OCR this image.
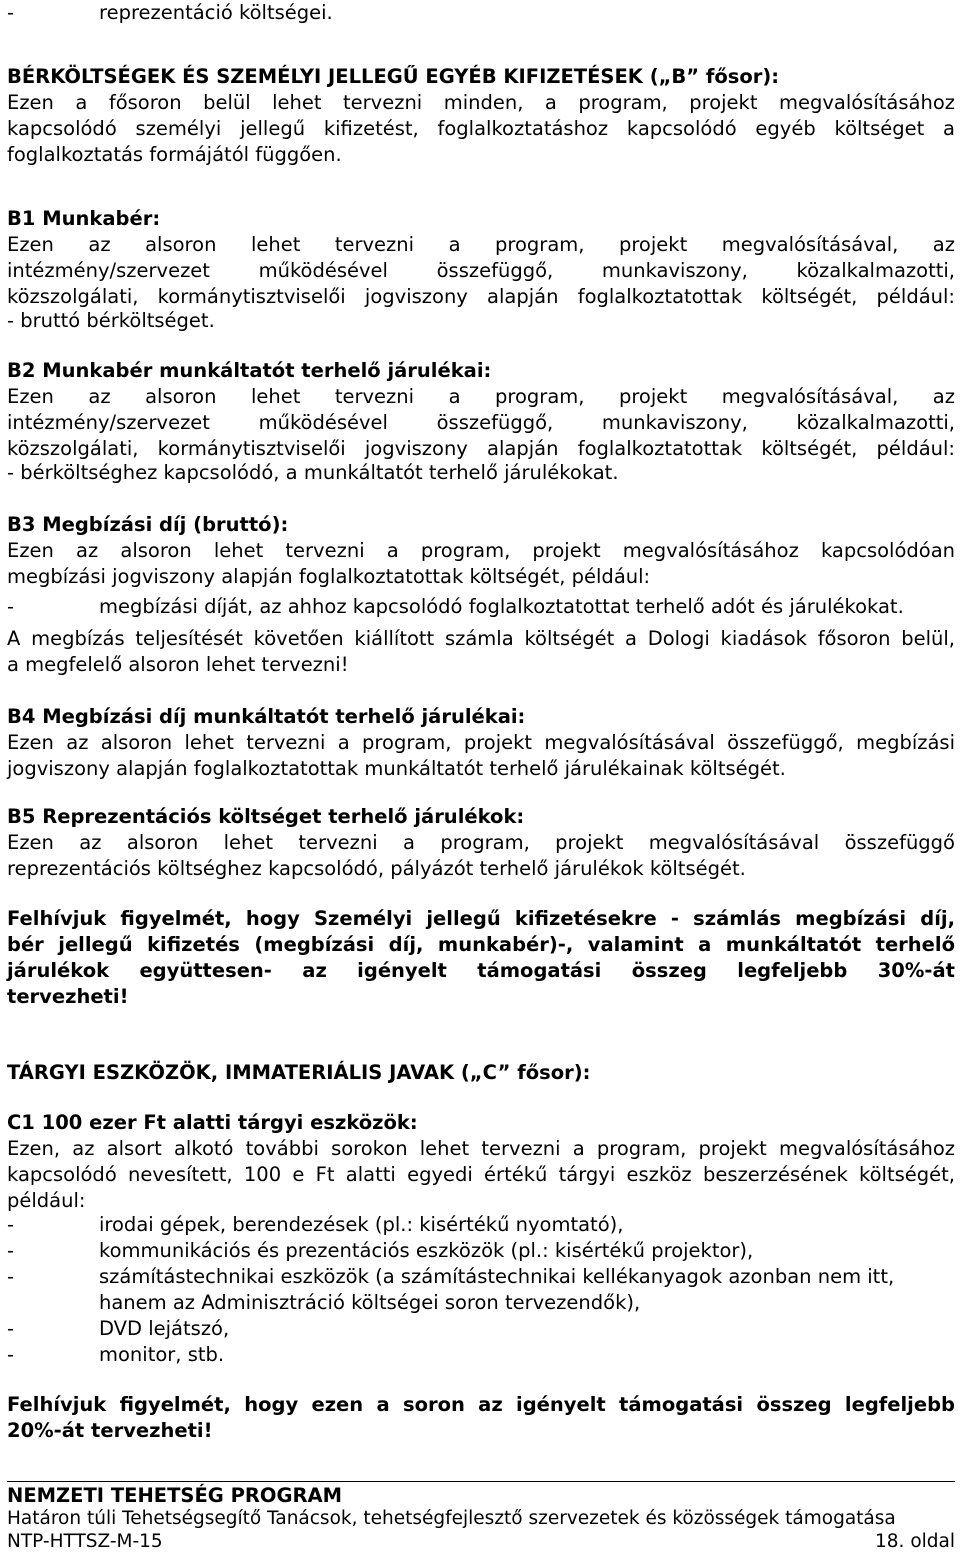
-	reprezentáció költségei.
BÉRKÖLTSÉGEK ÉS SZEMÉLYI JELLEGŰ EGYÉB KIFIZETÉSEK („B” fősor):
Ezen a fősoron belül lehet tervezni minden, a program, projekt megvalósításához
kapcsolódó személyi jellegű kifizetést, foglalkoztatáshoz kapcsolódó egyéb költséget a
foglalkoztatás formájától függően.
B1 Munkabér:
Ezen az alsoron lehet tervezni a program, projekt megvalósításával, az
intézmény/szervezet működésével összefüggő, munkaviszony, közalkalmazotti,
közszolgálati, kormánytisztviselői jogviszony alapján foglalkoztatottak költségét, például:
- bruttó bérköltséget.
B2 Munkabér munkáltatót terhelő járulékai:
Ezen az alsoron lehet tervezni a program, projekt megvalósításával, az
intézmény/szervezet működésével összefüggő, munkaviszony, közalkalmazotti,
közszolgálati, kormánytisztviselői jogviszony alapján foglalkoztatottak költségét, például:
- bérköltséghez kapcsolódó, a munkáltatót terhelő járulékokat.
B3 Megbízási díj (bruttó):
Ezen az alsoron lehet tervezni a program, projekt megvalósításához kapcsolódóan
megbízási jogviszony alapján foglalkoztatottak költségét, például:
-	megbízási díját, az ahhoz kapcsolódó foglalkoztatottat terhelő adót és járulékokat.
A megbízás teljesítését követően kiállított számla költségét a Dologi kiadások fősoron belül,
a megfelelő alsoron lehet tervezni!
B4 Megbízási díj munkáltatót terhelő járulékai:
Ezen az alsoron lehet tervezni a program, projekt megvalósításával összefüggő, megbízási
jogviszony alapján foglalkoztatottak munkáltatót terhelő járulékainak költségét.
B5 Reprezentációs költséget terhelő járulékok:
Ezen az alsoron lehet tervezni a program, projekt megvalósításával összefüggő
reprezentációs költséghez kapcsolódó, pályázót terhelő járulékok költségét.
Felhívjuk figyelmét, hogy Személyi jellegű kifizetésekre - számlás megbízási díj,
bér jellegű kifizetés (megbízási díj, munkabér)-, valamint a munkáltatót terhelő
járulékok együttesen- az igényelt támogatási összeg legfeljebb 30%-át
tervezheti!
TÁRGYI ESZKÖZÖK, IMMATERIÁLIS JAVAK („C” fősor):
C1 100 ezer Ft alatti tárgyi eszközök:
Ezen, az alsort alkotó további sorokon lehet tervezni a program, projekt megvalósításához
kapcsolódó nevesített, 100 e Ft alatti egyedi értékű tárgyi eszköz beszerzésének költségét,
például:
-	irodai gépek, berendezések (pl.: kisértékű nyomtató),
-	kommunikációs és prezentációs eszközök (pl.: kisértékű projektor),
-	számítástechnikai eszközök (a számítástechnikai kellékanyagok azonban nem itt,
hanem az Adminisztráció költségei soron tervezendők),
-	DVD lejátszó,
-	monitor, stb.
Felhívjuk figyelmét, hogy ezen a soron az igényelt támogatási összeg legfeljebb
20%-át tervezheti!
NEMZETI TEHETSÉG PROGRAM
Határon túli Tehetségsegítő Tanácsok, tehetségfejlesztő szervezetek és közösségek támogatása
NTP-HTTSZ-M-15	18. oldal
